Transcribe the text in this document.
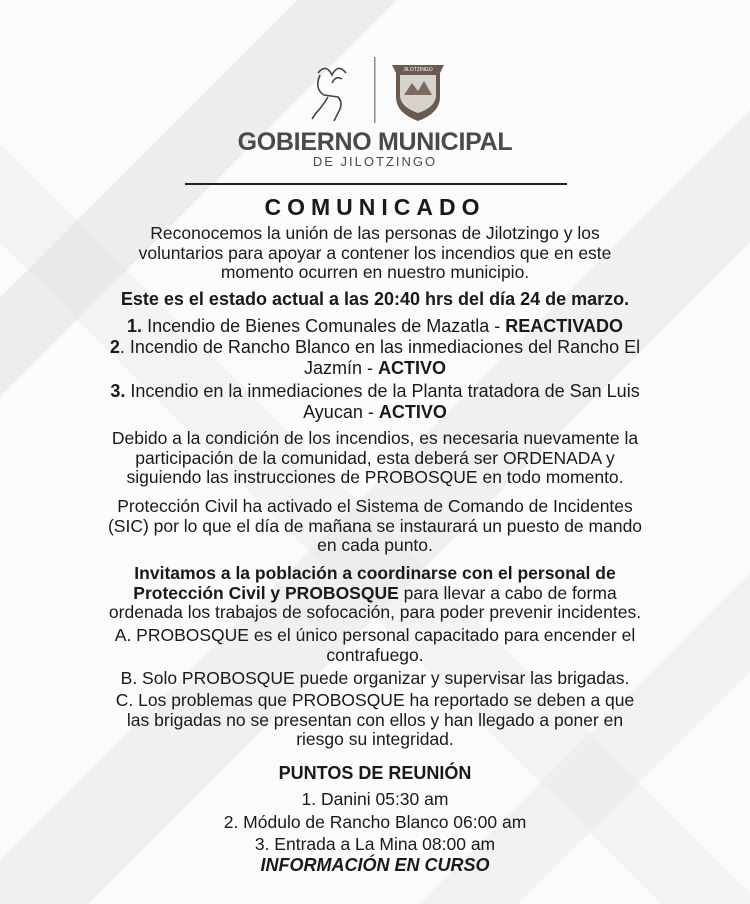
JILOTZINGO
GOBIERNO MUNICIPAL
DE JILOTZINGO
COMUNICADO
Reconocemos la unión de las personas de Jilotzingo y los
voluntarios para apoyar a contener los incendios que en este
momento ocurren en nuestro municipio.
Este es el estado actual a las 20:40 hrs del día 24 de marzo.
1. Incendio de Bienes Comunales de Mazatla - REACTIVADO
2. Incendio de Rancho Blanco en las inmediaciones del Rancho El
Jazmín - ACTIVO
3. Incendio en la inmediaciones de la Planta tratadora de San Luis
Ayucan - ACTIVO
Debido a la condición de los incendios, es necesaria nuevamente la
participación de la comunidad, esta deberá ser ORDENADA y
siguiendo las instrucciones de PROBOSQUE en todo momento.
Protección Civil ha activado el Sistema de Comando de Incidentes
(SIC) por lo que el día de mañana se instaurará un puesto de mando
en cada punto.
Invitamos a la población a coordinarse con el personal de
Protección Civil y PROBOSQUE para llevar a cabo de forma
ordenada los trabajos de sofocación, para poder prevenir incidentes.
A. PROBOSQUE es el único personal capacitado para encender el
contrafuego.
B. Solo PROBOSQUE puede organizar y supervisar las brigadas.
C. Los problemas que PROBOSQUE ha reportado se deben a que
las brigadas no se presentan con ellos y han llegado a poner en
riesgo su integridad.
PUNTOS DE REUNIÓN
1. Danini 05:30 am
2. Módulo de Rancho Blanco 06:00 am
3. Entrada a La Mina 08:00 am
INFORMACIÓN EN CURSO
